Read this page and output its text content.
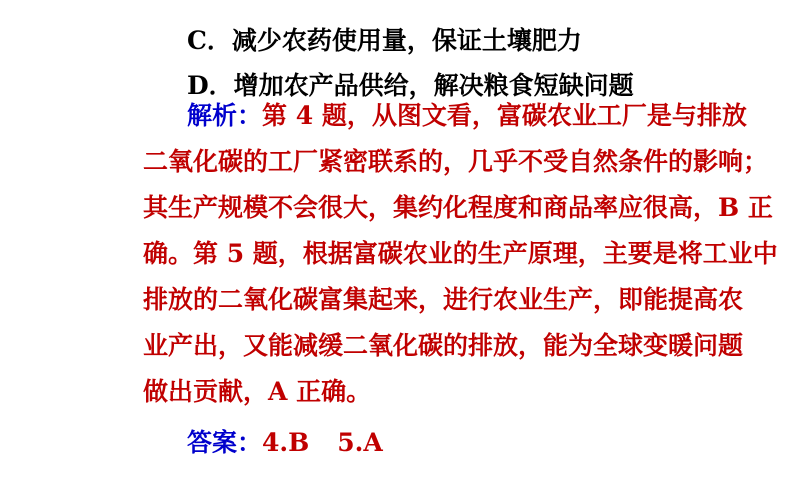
C．减少农药使用量，保证土壤肥力
D．增加农产品供给，解决粮食短缺问题
解析：第 4 题，从图文看，富碳农业工厂是与排放
二氧化碳的工厂紧密联系的，几乎不受自然条件的影响；
其生产规模不会很大，集约化程度和商品率应很高，B 正
确。第 5 题，根据富碳农业的生产原理，主要是将工业中
排放的二氧化碳富集起来，进行农业生产，即能提高农
业产出，又能减缓二氧化碳的排放，能为全球变暖问题
做出贡献，A 正确。
答案：4.B 5.A
